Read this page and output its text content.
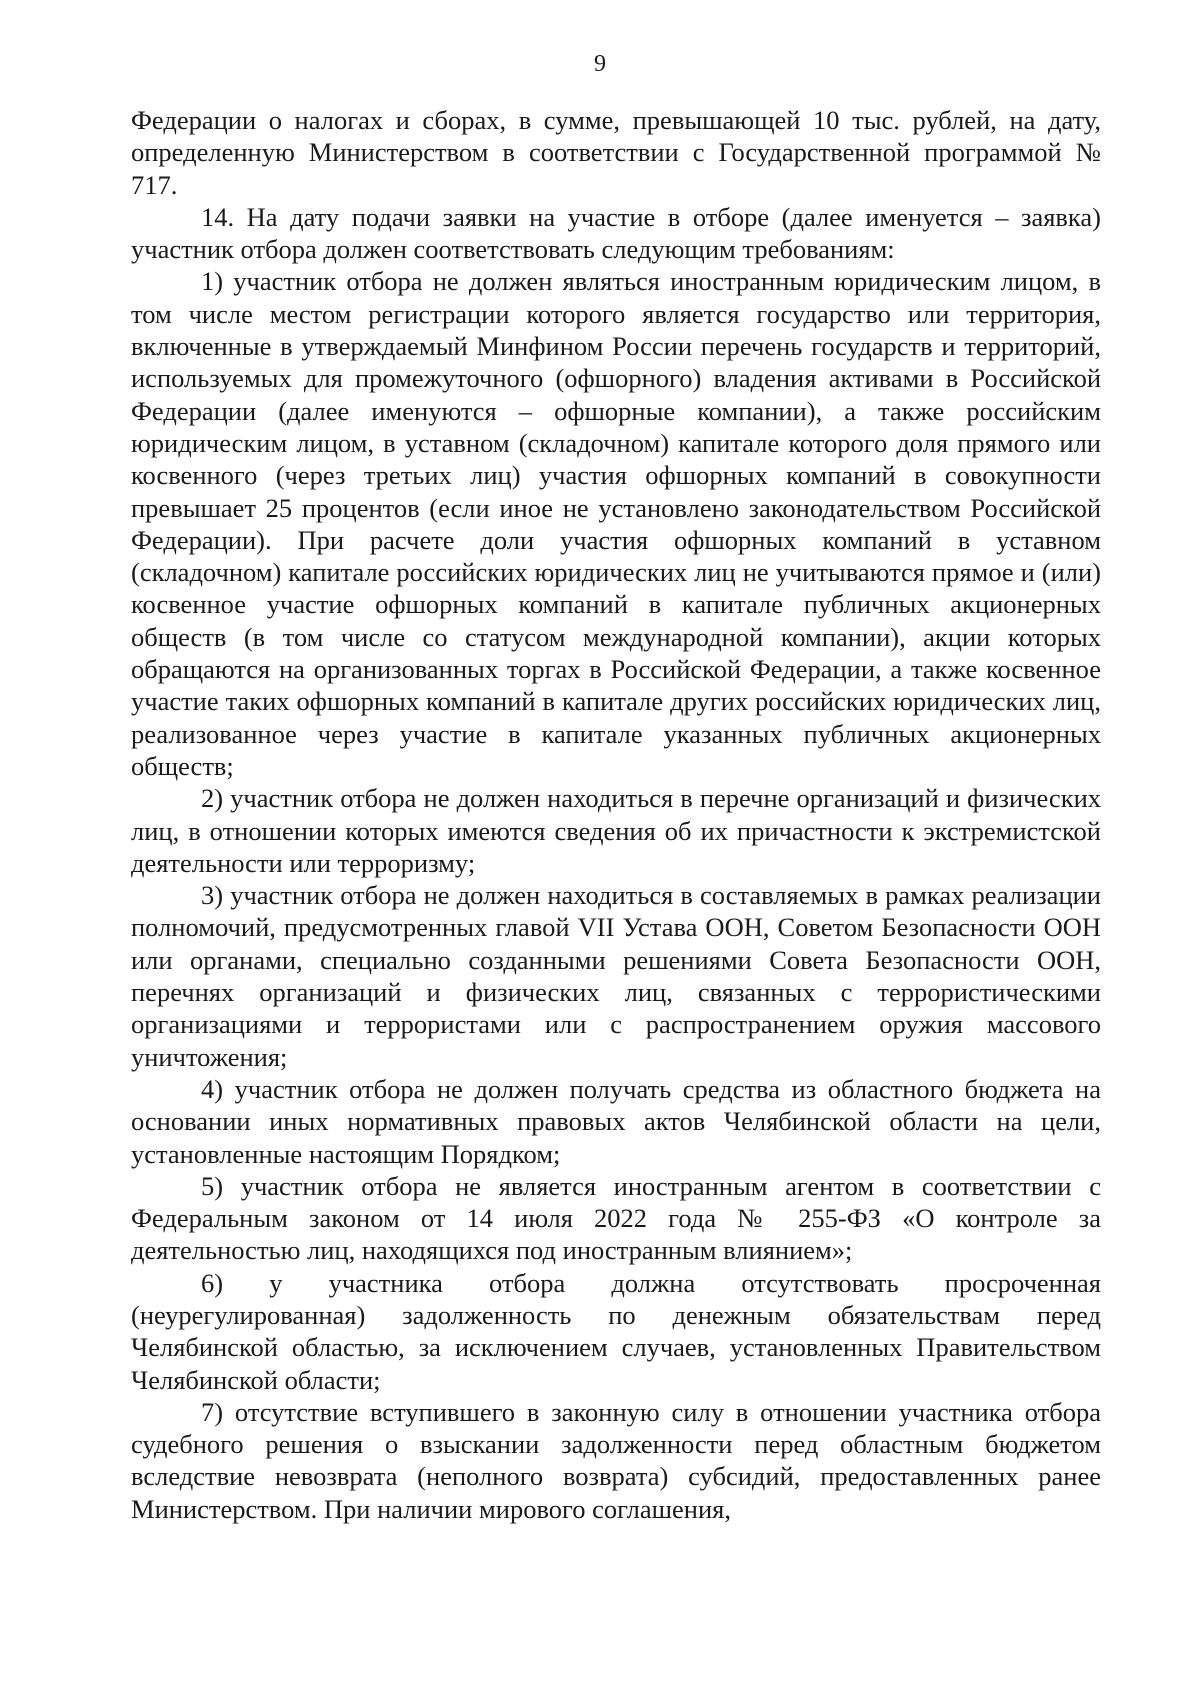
9

Федерации о налогах и сборах, в сумме, превышающей 10 тыс. рублей, на дату, определенную Министерством в соответствии с Государственной программой № 717.

14. На дату подачи заявки на участие в отборе (далее именуется – заявка) участник отбора должен соответствовать следующим требованиям:

1) участник отбора не должен являться иностранным юридическим лицом, в том числе местом регистрации которого является государство или территория, включенные в утверждаемый Минфином России перечень государств и территорий, используемых для промежуточного (офшорного) владения активами в Российской Федерации (далее именуются – офшорные компании), а также российским юридическим лицом, в уставном (складочном) капитале которого доля прямого или косвенного (через третьих лиц) участия офшорных компаний в совокупности превышает 25 процентов (если иное не установлено законодательством Российской Федерации). При расчете доли участия офшорных компаний в уставном (складочном) капитале российских юридических лиц не учитываются прямое и (или) косвенное участие офшорных компаний в капитале публичных акционерных обществ (в том числе со статусом международной компании), акции которых обращаются на организованных торгах в Российской Федерации, а также косвенное участие таких офшорных компаний в капитале других российских юридических лиц, реализованное через участие в капитале указанных публичных акционерных обществ;

2) участник отбора не должен находиться в перечне организаций и физических лиц, в отношении которых имеются сведения об их причастности к экстремистской деятельности или терроризму;

3) участник отбора не должен находиться в составляемых в рамках реализации полномочий, предусмотренных главой VII Устава ООН, Советом Безопасности ООН или органами, специально созданными решениями Совета Безопасности ООН, перечнях организаций и физических лиц, связанных с террористическими организациями и террористами или с распространением оружия массового уничтожения;

4) участник отбора не должен получать средства из областного бюджета на основании иных нормативных правовых актов Челябинской области на цели, установленные настоящим Порядком;

5) участник отбора не является иностранным агентом в соответствии с Федеральным законом от 14 июля 2022 года № 255-ФЗ «О контроле за деятельностью лиц, находящихся под иностранным влиянием»;

6) у участника отбора должна отсутствовать просроченная (неурегулированная) задолженность по денежным обязательствам перед Челябинской областью, за исключением случаев, установленных Правительством Челябинской области;

7) отсутствие вступившего в законную силу в отношении участника отбора судебного решения о взыскании задолженности перед областным бюджетом вследствие невозврата (неполного возврата) субсидий, предоставленных ранее Министерством. При наличии мирового соглашения,
